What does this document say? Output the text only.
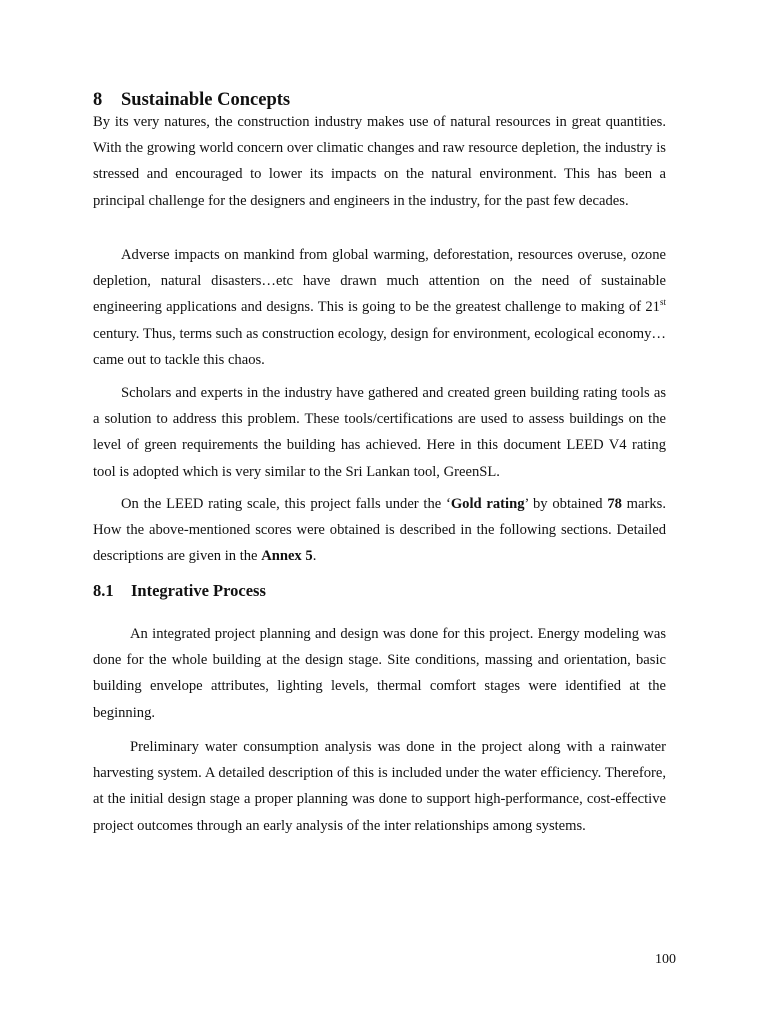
8 Sustainable Concepts

By its very natures, the construction industry makes use of natural resources in great quantities. With the growing world concern over climatic changes and raw resource depletion, the industry is stressed and encouraged to lower its impacts on the natural environment. This has been a principal challenge for the designers and engineers in the industry, for the past few decades.

Adverse impacts on mankind from global warming, deforestation, resources overuse, ozone depletion, natural disasters…etc have drawn much attention on the need of sustainable engineering applications and designs. This is going to be the greatest challenge to making of 21st century. Thus, terms such as construction ecology, design for environment, ecological economy… came out to tackle this chaos.

Scholars and experts in the industry have gathered and created green building rating tools as a solution to address this problem. These tools/certifications are used to assess buildings on the level of green requirements the building has achieved. Here in this document LEED V4 rating tool is adopted which is very similar to the Sri Lankan tool, GreenSL.

On the LEED rating scale, this project falls under the ‘Gold rating’ by obtained 78 marks. How the above-mentioned scores were obtained is described in the following sections. Detailed descriptions are given in the Annex 5.

8.1 Integrative Process

An integrated project planning and design was done for this project. Energy modeling was done for the whole building at the design stage. Site conditions, massing and orientation, basic building envelope attributes, lighting levels, thermal comfort stages were identified at the beginning.

Preliminary water consumption analysis was done in the project along with a rainwater harvesting system. A detailed description of this is included under the water efficiency. Therefore, at the initial design stage a proper planning was done to support high-performance, cost-effective project outcomes through an early analysis of the inter relationships among systems.

100
